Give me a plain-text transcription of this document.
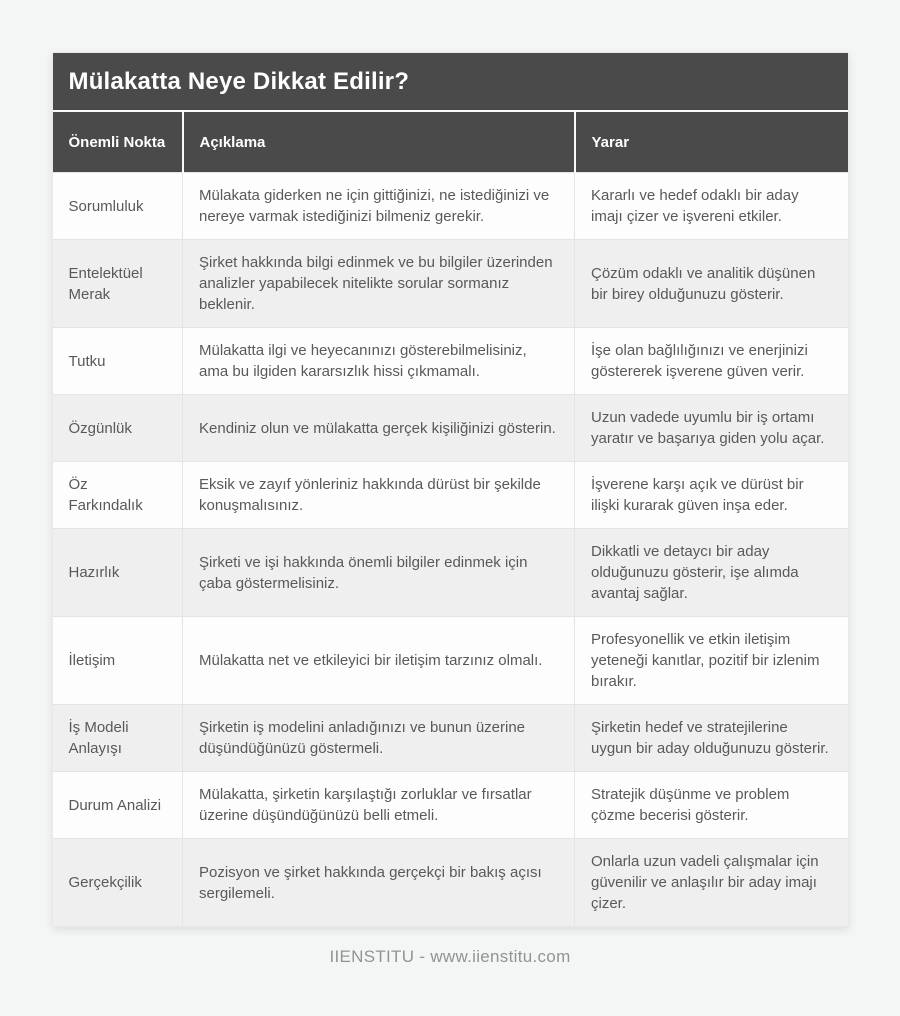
Mülakatta Neye Dikkat Edilir?
Önemli Nokta	Açıklama	Yarar
Sorumluluk	Mülakata giderken ne için gittiğinizi, ne istediğinizi ve nereye varmak istediğinizi bilmeniz gerekir.	Kararlı ve hedef odaklı bir aday imajı çizer ve işvereni etkiler.
Entelektüel Merak	Şirket hakkında bilgi edinmek ve bu bilgiler üzerinden analizler yapabilecek nitelikte sorular sormanız beklenir.	Çözüm odaklı ve analitik düşünen bir birey olduğunuzu gösterir.
Tutku	Mülakatta ilgi ve heyecanınızı gösterebilmelisiniz, ama bu ilgiden kararsızlık hissi çıkmamalı.	İşe olan bağlılığınızı ve enerjinizi göstererek işverene güven verir.
Özgünlük	Kendiniz olun ve mülakatta gerçek kişiliğinizi gösterin.	Uzun vadede uyumlu bir iş ortamı yaratır ve başarıya giden yolu açar.
Öz Farkındalık	Eksik ve zayıf yönleriniz hakkında dürüst bir şekilde konuşmalısınız.	İşverene karşı açık ve dürüst bir ilişki kurarak güven inşa eder.
Hazırlık	Şirketi ve işi hakkında önemli bilgiler edinmek için çaba göstermelisiniz.	Dikkatli ve detaycı bir aday olduğunuzu gösterir, işe alımda avantaj sağlar.
İletişim	Mülakatta net ve etkileyici bir iletişim tarzınız olmalı.	Profesyonellik ve etkin iletişim yeteneği kanıtlar, pozitif bir izlenim bırakır.
İş Modeli Anlayışı	Şirketin iş modelini anladığınızı ve bunun üzerine düşündüğünüzü göstermeli.	Şirketin hedef ve stratejilerine uygun bir aday olduğunuzu gösterir.
Durum Analizi	Mülakatta, şirketin karşılaştığı zorluklar ve fırsatlar üzerine düşündüğünüzü belli etmeli.	Stratejik düşünme ve problem çözme becerisi gösterir.
Gerçekçilik	Pozisyon ve şirket hakkında gerçekçi bir bakış açısı sergilemeli.	Onlarla uzun vadeli çalışmalar için güvenilir ve anlaşılır bir aday imajı çizer.
IIENSTITU - www.iienstitu.com
